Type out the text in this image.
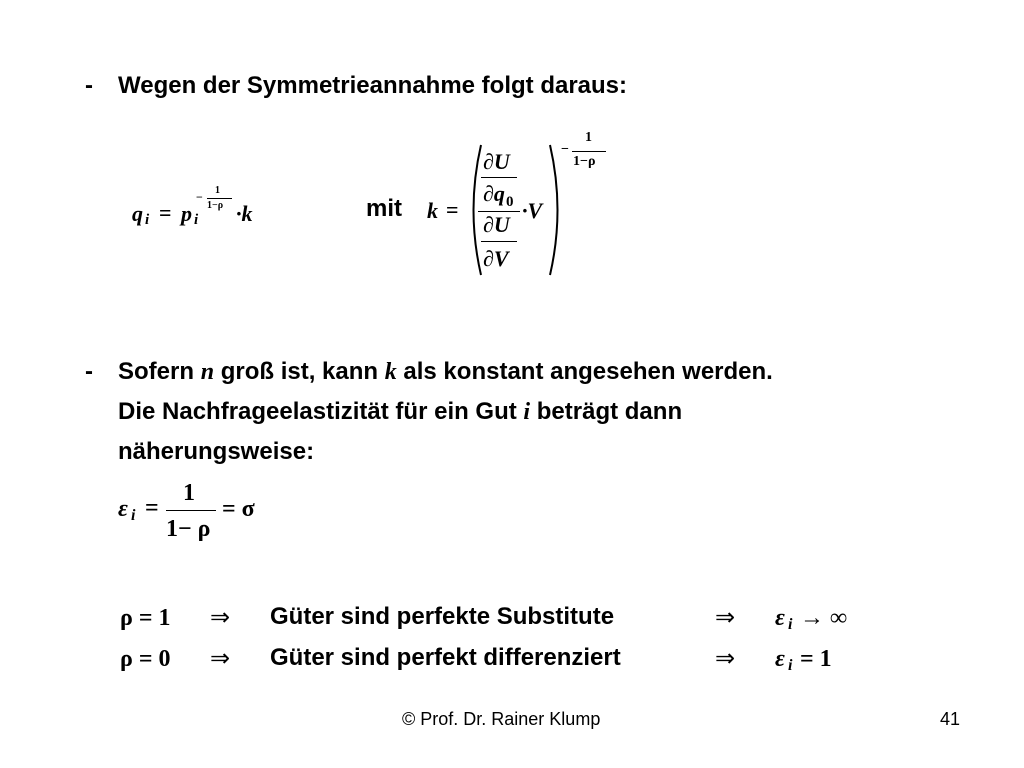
- Wegen der Symmetrieannahme folgt daraus:
q i = p i
− 1
1−ρ ·k	mit k =
∂U
∂q 0
∂U
∂V
·V
−
1
1−ρ
- Sofern n groß ist, kann k als konstant angesehen werden.
Die Nachfrageelastizität für ein Gut i beträgt dann
näherungsweise:
ε i =
1
1− ρ
= σ
ρ = 1 ⇒ Güter sind perfekte Substitute	⇒ ε i → ∞
ρ = 0 ⇒ Güter sind perfekt differenziert	⇒ ε i = 1
© Prof. Dr. Rainer Klump	41
